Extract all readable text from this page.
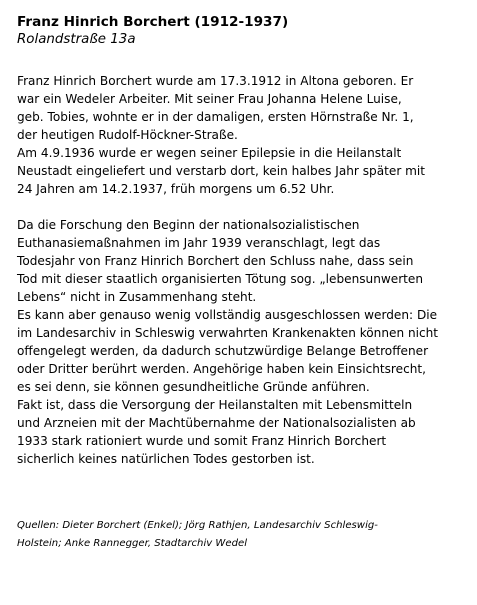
Franz Hinrich Borchert (1912-1937)

Rolandstraße 13a

Franz Hinrich Borchert wurde am 17.3.1912 in Altona geboren. Er

war ein Wedeler Arbeiter. Mit seiner Frau Johanna Helene Luise,

geb. Tobies, wohnte er in der damaligen, ersten Hörnstraße Nr. 1,

der heutigen Rudolf-Höckner-Straße.

Am 4.9.1936 wurde er wegen seiner Epilepsie in die Heilanstalt

Neustadt eingeliefert und verstarb dort, kein halbes Jahr später mit

24 Jahren am 14.2.1937, früh morgens um 6.52 Uhr.

Da die Forschung den Beginn der nationalsozialistischen

Euthanasiemaßnahmen im Jahr 1939 veranschlagt, legt das

Todesjahr von Franz Hinrich Borchert den Schluss nahe, dass sein

Tod mit dieser staatlich organisierten Tötung sog. „lebensunwerten

Lebens“ nicht in Zusammenhang steht.

Es kann aber genauso wenig vollständig ausgeschlossen werden: Die

im Landesarchiv in Schleswig verwahrten Krankenakten können nicht

offengelegt werden, da dadurch schutzwürdige Belange Betroffener

oder Dritter berührt werden. Angehörige haben kein Einsichtsrecht,

es sei denn, sie können gesundheitliche Gründe anführen.

Fakt ist, dass die Versorgung der Heilanstalten mit Lebensmitteln

und Arzneien mit der Machtübernahme der Nationalsozialisten ab

1933 stark rationiert wurde und somit Franz Hinrich Borchert

sicherlich keines natürlichen Todes gestorben ist.

Quellen: Dieter Borchert (Enkel); Jörg Rathjen, Landesarchiv Schleswig-

Holstein; Anke Rannegger, Stadtarchiv Wedel
